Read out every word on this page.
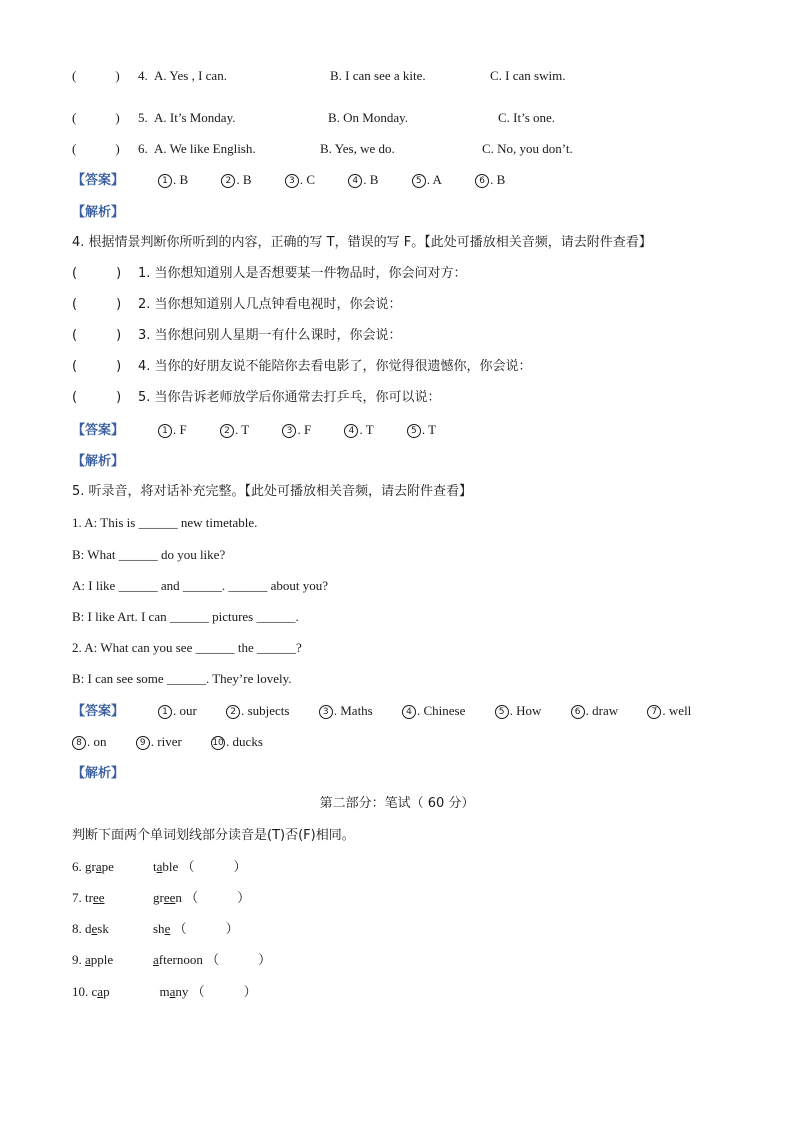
(　　　) 4. A. Yes , I can.	B. I can see a kite.	C. I can swim.
(　　　) 5. A. It’s Monday.	B. On Monday.	C. It’s one.
(　　　) 6. A. We like English.	B. Yes, we do.	C. No, you don’t.
【答案】	1 . B	2 . B	3 . C	4 . B	5 . A	6 . B
【解析】
4. 根据情景判断你所听到的内容，正确的写 T，错误的写 F。【此处可播放相关音频，请去附件查看】
(　　　) 1. 当你想知道别人是否想要某一件物品时，你会问对方：
(　　　) 2. 当你想知道别人几点钟看电视时，你会说：
(　　　) 3. 当你想问别人星期一有什么课时，你会说：
(　　　) 4. 当你的好朋友说不能陪你去看电影了，你觉得很遗憾你，你会说：
(　　　) 5. 当你告诉老师放学后你通常去打乒乓，你可以说：
【答案】	1 . F	2 . T	3 . F	4 . T	5 . T
【解析】
5. 听录音，将对话补充完整。【此处可播放相关音频，请去附件查看】
1. A: This is ______ new timetable.
B: What ______ do you like?
A: I like ______ and ______. ______ about you?
B: I like Art. I can ______ pictures ______.
2. A: What can you see ______ the ______?
B: I can see some ______. They’re lovely.
【答案】	1 . our	2 . subjects	3 . Maths	4 . Chinese	5 . How	6 . draw	7 . well
8 . on	9 . river	10 . ducks
【解析】
第二部分：笔试（ 60 分）
判断下面两个单词划线部分读音是(T)否(F)相同。
6. grape	table （　　　）
7. tree	green （　　　）
8. desk	she （　　　）
9. apple	afternoon （　　　）
10. cap	many （　　　）
